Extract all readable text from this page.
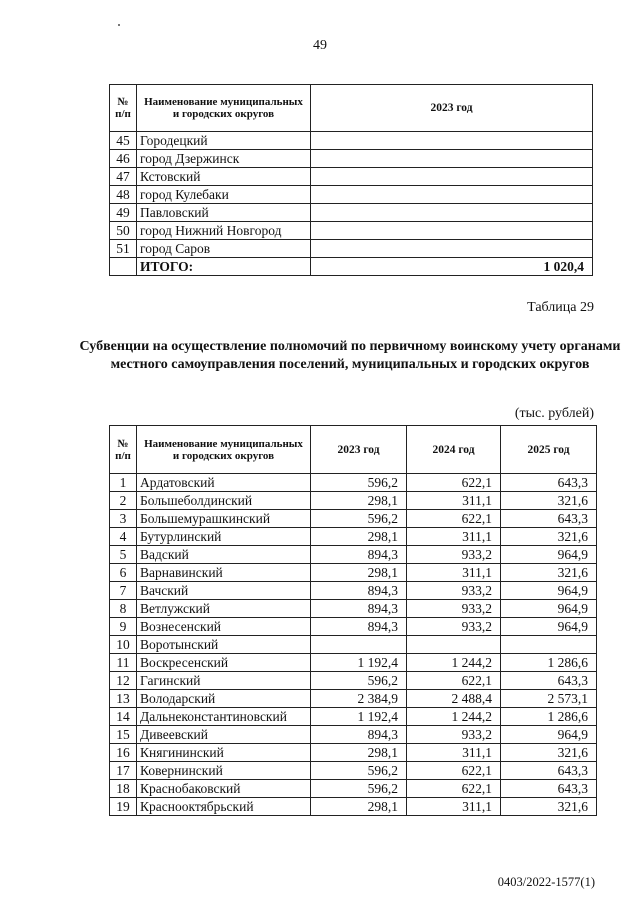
49
№ п/п	Наименование муниципальных и городских округов	2023 год
45	Городецкий	
46	город Дзержинск	
47	Кстовский	
48	город Кулебаки	
49	Павловский	
50	город Нижний Новгород	
51	город Саров	
	ИТОГО:	1 020,4
Таблица 29
Субвенции на осуществление полномочий по первичному воинскому учету органами местного самоуправления поселений, муниципальных и городских округов
(тыс. рублей)
№ п/п	Наименование муниципальных и городских округов	2023 год	2024 год	2025 год
1	Ардатовский	596,2	622,1	643,3
2	Большеболдинский	298,1	311,1	321,6
3	Большемурашкинский	596,2	622,1	643,3
4	Бутурлинский	298,1	311,1	321,6
5	Вадский	894,3	933,2	964,9
6	Варнавинский	298,1	311,1	321,6
7	Вачский	894,3	933,2	964,9
8	Ветлужский	894,3	933,2	964,9
9	Вознесенский	894,3	933,2	964,9
10	Воротынский			
11	Воскресенский	1 192,4	1 244,2	1 286,6
12	Гагинский	596,2	622,1	643,3
13	Володарский	2 384,9	2 488,4	2 573,1
14	Дальнеконстантиновский	1 192,4	1 244,2	1 286,6
15	Дивеевский	894,3	933,2	964,9
16	Княгининский	298,1	311,1	321,6
17	Ковернинский	596,2	622,1	643,3
18	Краснобаковский	596,2	622,1	643,3
19	Краснооктябрьский	298,1	311,1	321,6
0403/2022-1577(1)
